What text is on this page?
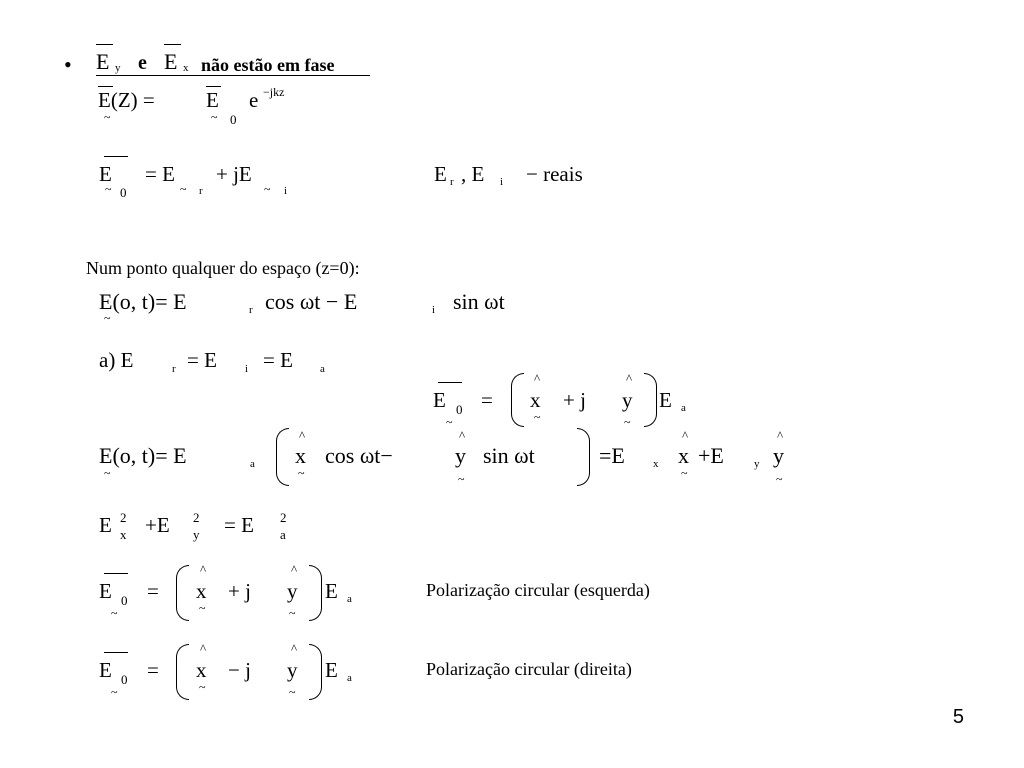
• E y e E x não estão em fase
E(Z) =
~
E
~ 0
e −jkz
E
~ 0
= E
~ r
+ jE
~ i
E r , E i − reais
Num ponto qualquer do espaço (z=0):
E(o, t)= E
~
r cos ωt − E	i sin ωt
a) E	r = E	i = E a
E 0
~
=
^
x
~
+ j
^
y
~
E a
E(o, t)= E
~
a
^
x
~
cos ωt−
^
y
~
sin ωt	=E	x
^
x
~
+E	y
^
y
~
E 2
x +E 2
y = E 2
a
E 0
~
=
^
x
~
+ j
^
y
~
E a	Polarização circular (esquerda)
E 0
~
=
^
x
~
− j
^
y
~
E a	Polarização circular (direita)
5
